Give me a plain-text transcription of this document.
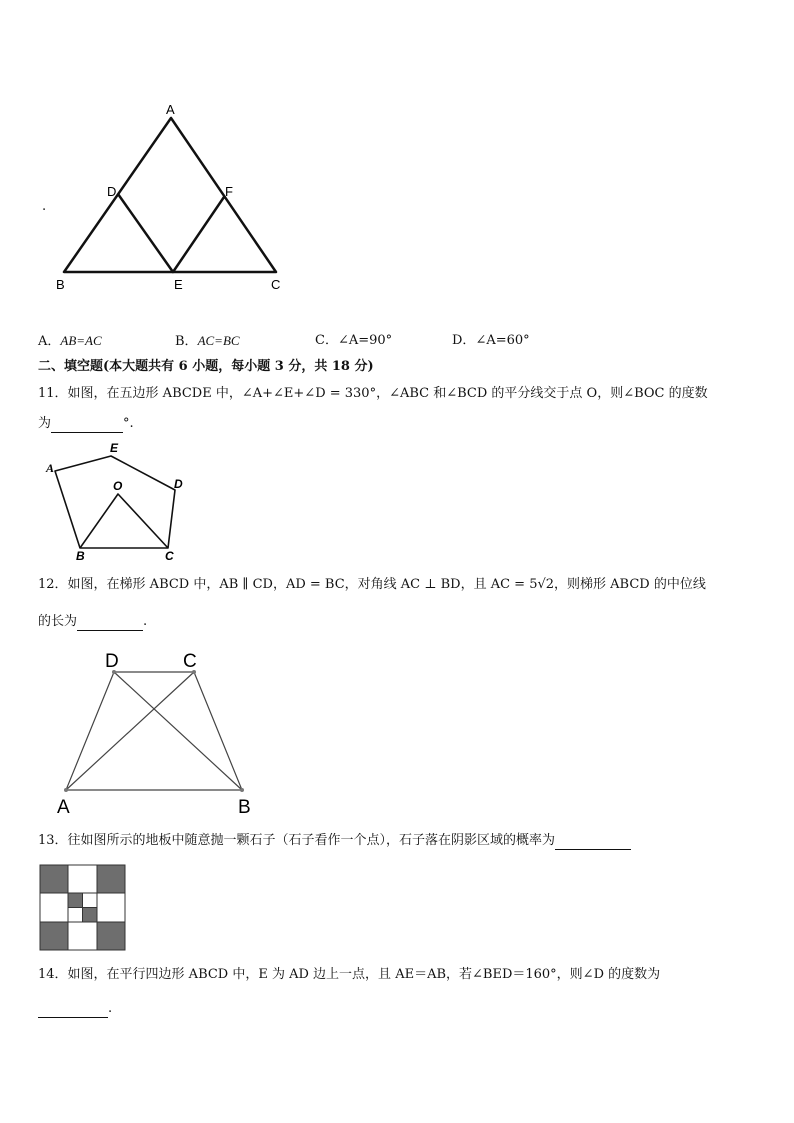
A
D	F
B	E	C
.
A．AB=AC	B．AC=BC	C．∠A=90°	D．∠A=60°
二、填空题(本大题共有 6 小题，每小题 3 分，共 18 分)
11．如图，在五边形 ABCDE 中，∠A+∠E+∠D = 330°，∠ABC 和∠BCD 的平分线交于点 O，则∠BOC 的度数
为	°.
A
E
D
O
B	C
12．如图，在梯形 ABCD 中，AB ∥ CD，AD = BC，对角线 AC ⊥ BD，且 AC = 5√2，则梯形 ABCD 的中位线
的长为	.
D	C
A	B
13．往如图所示的地板中随意抛一颗石子（石子看作一个点），石子落在阴影区域的概率为
14．如图，在平行四边形 ABCD 中，E 为 AD 边上一点，且 AE＝AB，若∠BED＝160°，则∠D 的度数为
.
